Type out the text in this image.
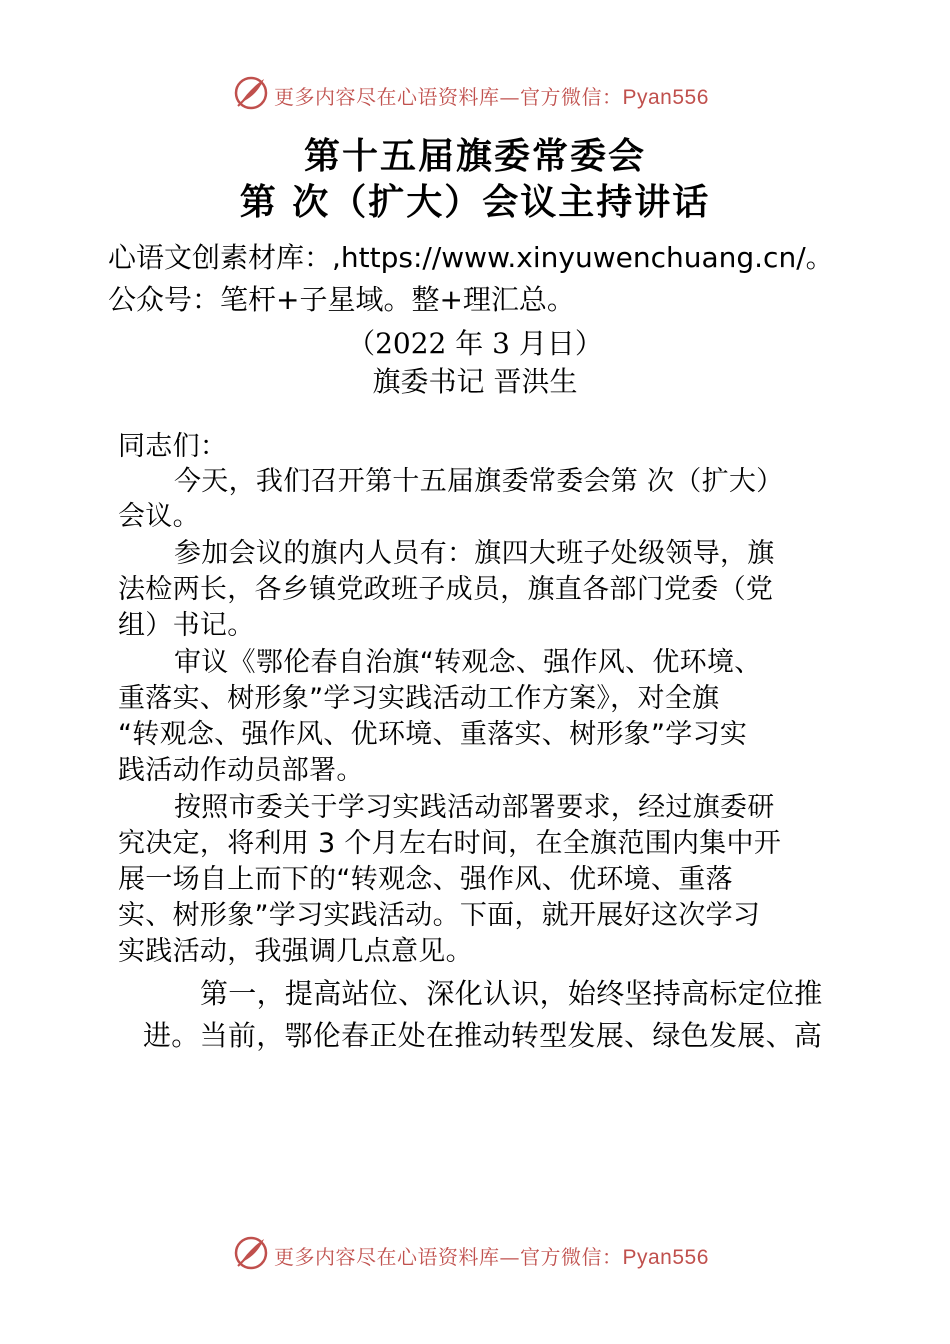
更多内容尽在心语资料库—官方微信：Pyan556
第十五届旗委常委会
第 次（扩大）会议主持讲话
心语文创素材库：,https://www.xinyuwenchuang.cn/。
公众号：笔杆+子星域。整+理汇总。
（2022 年 3 月日）
旗委书记 晋洪生
同志们：
今天，我们召开第十五届旗委常委会第 次（扩大）
会议。
参加会议的旗内人员有：旗四大班子处级领导，旗
法检两长，各乡镇党政班子成员，旗直各部门党委（党
组）书记。
审议《鄂伦春自治旗“转观念、强作风、优环境、
重落实、树形象”学习实践活动工作方案》，对全旗
“转观念、强作风、优环境、重落实、树形象”学习实
践活动作动员部署。
按照市委关于学习实践活动部署要求，经过旗委研
究决定，将利用 3 个月左右时间，在全旗范围内集中开
展一场自上而下的“转观念、强作风、优环境、重落
实、树形象”学习实践活动。下面，就开展好这次学习
实践活动，我强调几点意见。
第一，提高站位、深化认识，始终坚持高标定位推
进。当前，鄂伦春正处在推动转型发展、绿色发展、高
更多内容尽在心语资料库—官方微信：Pyan556
